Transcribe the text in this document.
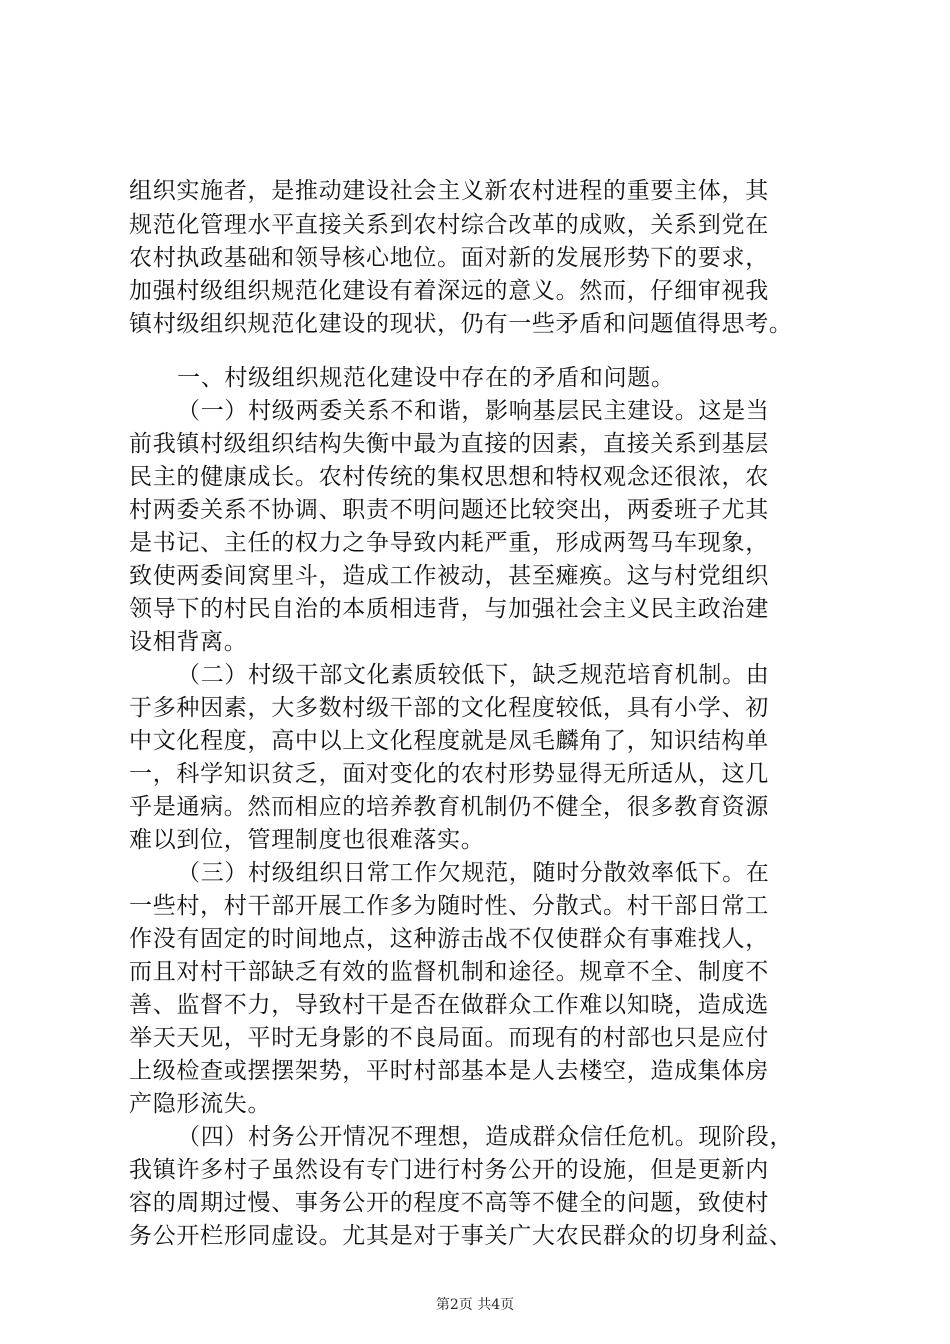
组织实施者，是推动建设社会主义新农村进程的重要主体，其
规范化管理水平直接关系到农村综合改革的成败，关系到党在
农村执政基础和领导核心地位。面对新的发展形势下的要求，
加强村级组织规范化建设有着深远的意义。然而，仔细审视我
镇村级组织规范化建设的现状，仍有一些矛盾和问题值得思考。
一、村级组织规范化建设中存在的矛盾和问题。
（一）村级两委关系不和谐，影响基层民主建设。这是当
前我镇村级组织结构失衡中最为直接的因素，直接关系到基层
民主的健康成长。农村传统的集权思想和特权观念还很浓，农
村两委关系不协调、职责不明问题还比较突出，两委班子尤其
是书记、主任的权力之争导致内耗严重，形成两驾马车现象，
致使两委间窝里斗，造成工作被动，甚至瘫痪。这与村党组织
领导下的村民自治的本质相违背，与加强社会主义民主政治建
设相背离。
（二）村级干部文化素质较低下，缺乏规范培育机制。由
于多种因素，大多数村级干部的文化程度较低，具有小学、初
中文化程度，高中以上文化程度就是凤毛麟角了，知识结构单
一，科学知识贫乏，面对变化的农村形势显得无所适从，这几
乎是通病。然而相应的培养教育机制仍不健全，很多教育资源
难以到位，管理制度也很难落实。
（三）村级组织日常工作欠规范，随时分散效率低下。在
一些村，村干部开展工作多为随时性、分散式。村干部日常工
作没有固定的时间地点，这种游击战不仅使群众有事难找人，
而且对村干部缺乏有效的监督机制和途径。规章不全、制度不
善、监督不力，导致村干是否在做群众工作难以知晓，造成选
举天天见，平时无身影的不良局面。而现有的村部也只是应付
上级检查或摆摆架势，平时村部基本是人去楼空，造成集体房
产隐形流失。
（四）村务公开情况不理想，造成群众信任危机。现阶段，
我镇许多村子虽然设有专门进行村务公开的设施，但是更新内
容的周期过慢、事务公开的程度不高等不健全的问题，致使村
务公开栏形同虚设。尤其是对于事关广大农民群众的切身利益、
第2页 共4页
